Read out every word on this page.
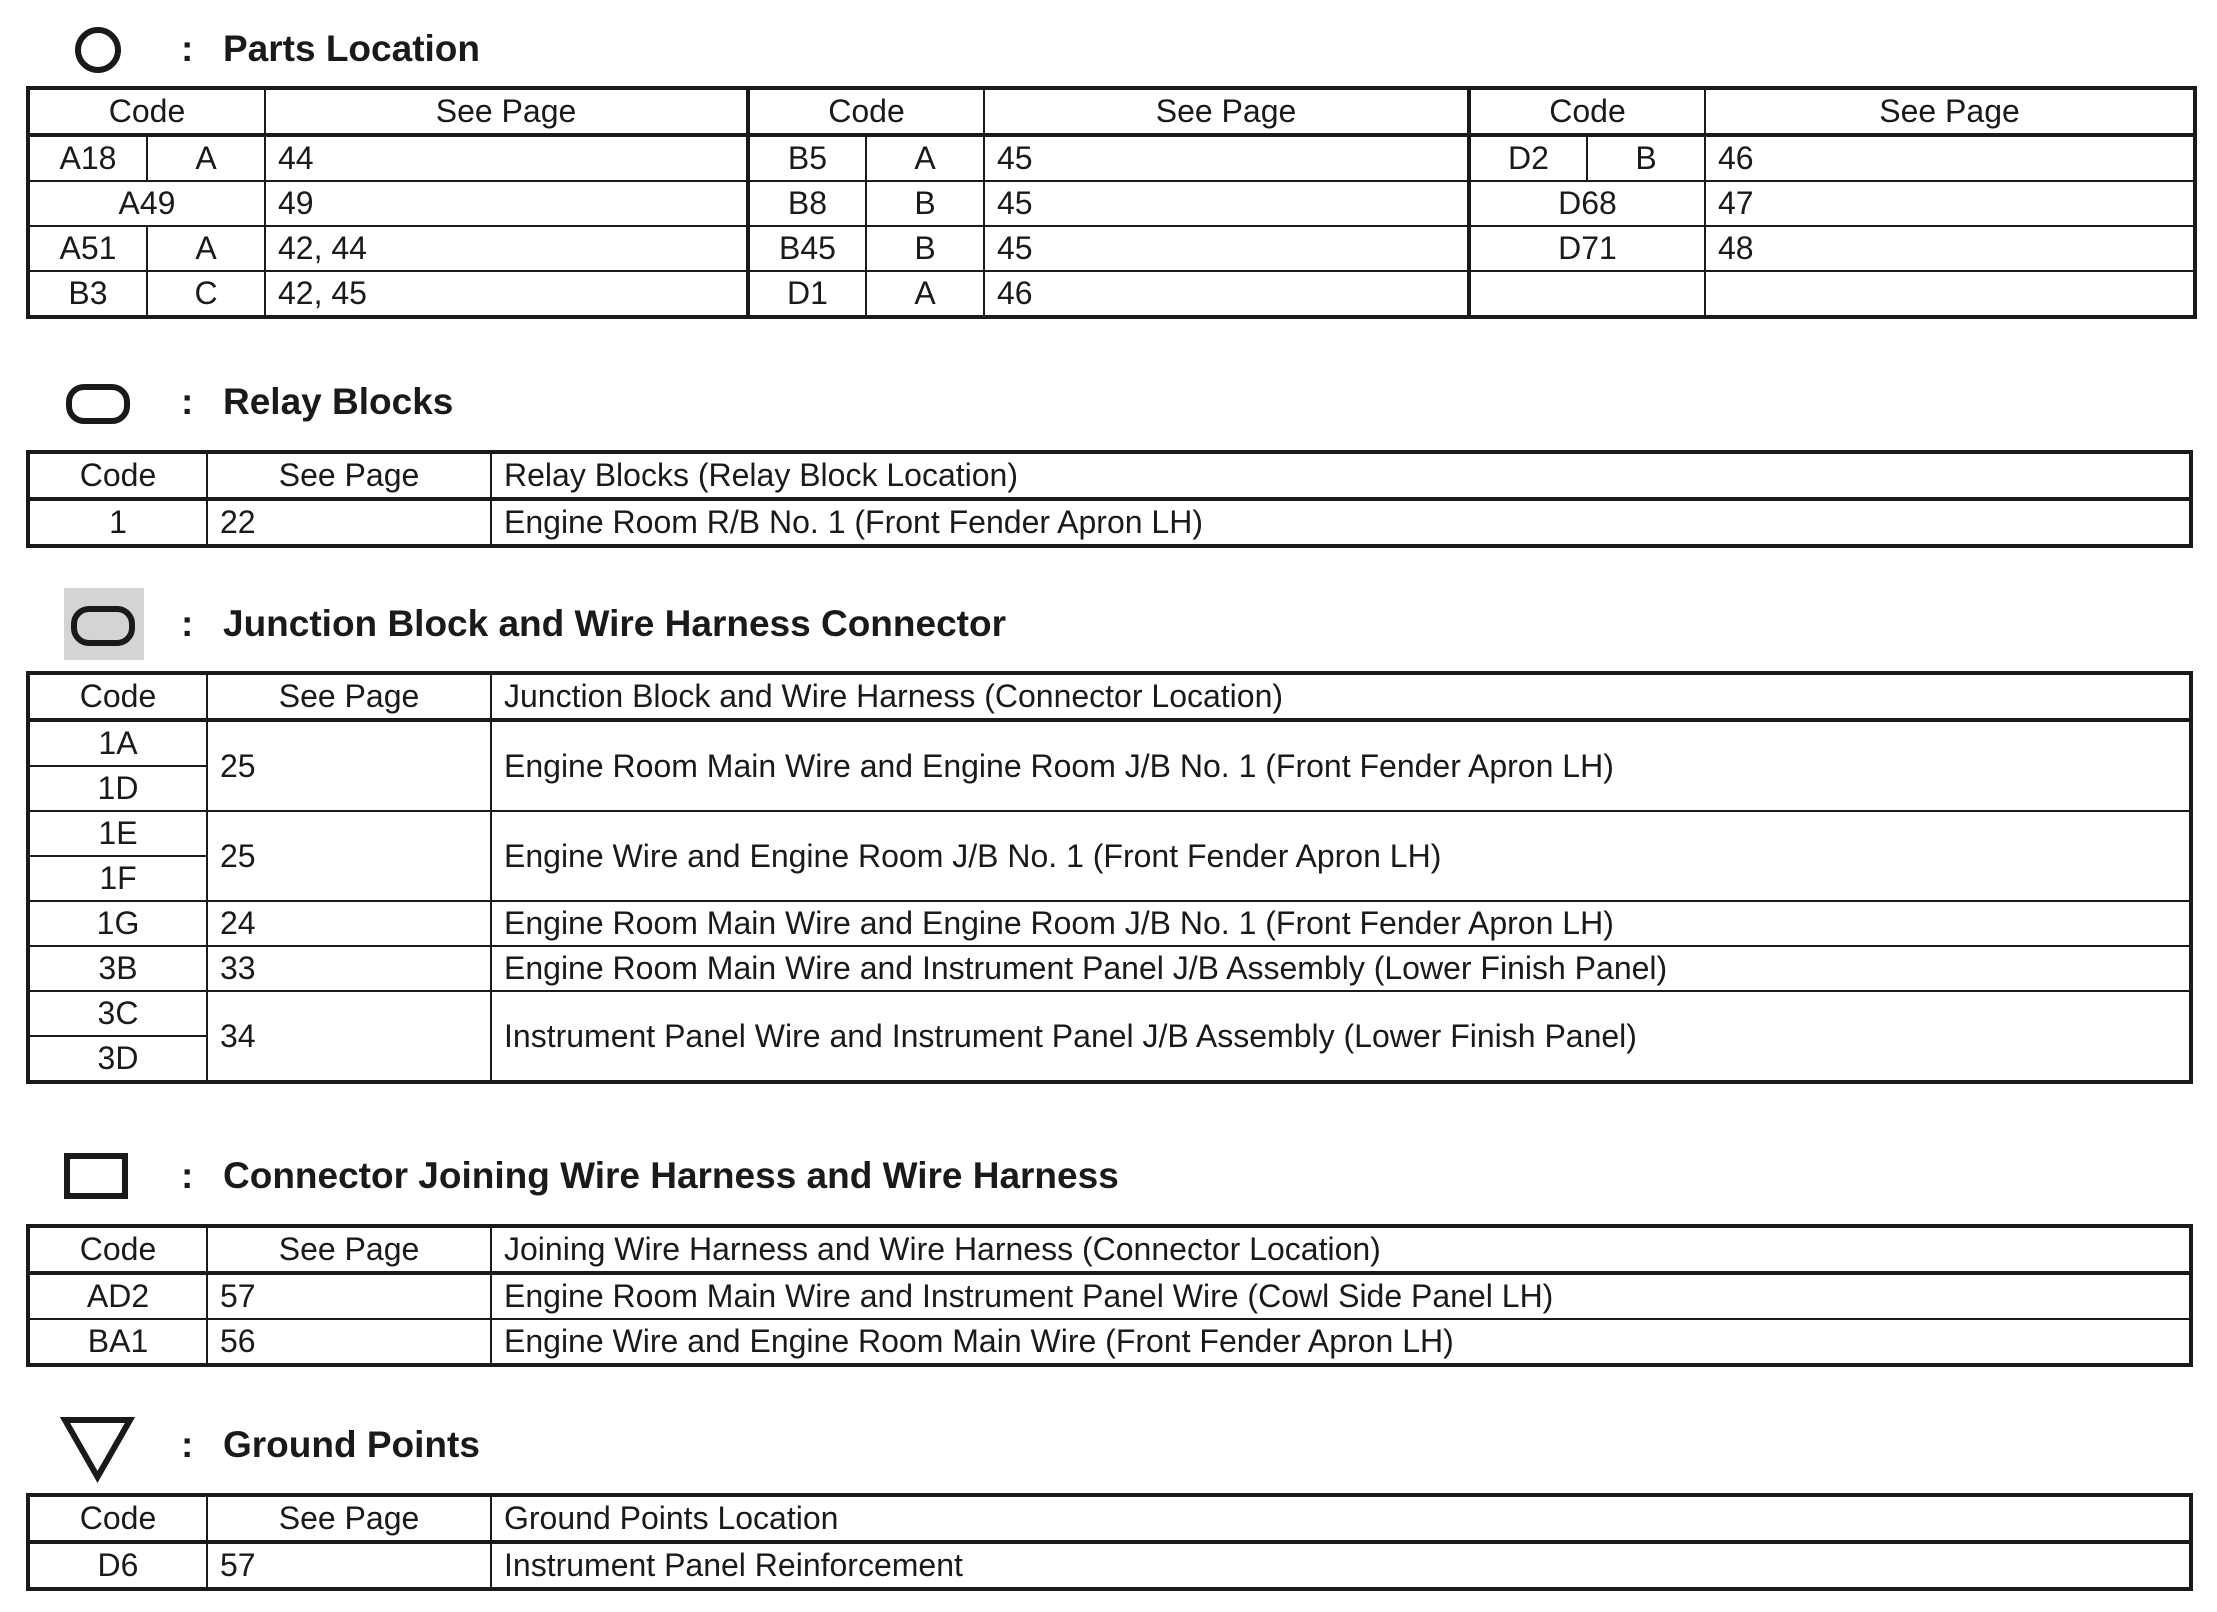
: Parts Location
Code		See Page	Code		See Page	Code		See Page
A18	A	44	B5	A	45	D2	B	46
A49		49	B8	B	45	D68		47
A51	A	42, 44	B45	B	45	D71		48
B3	C	42, 45	D1	A	46			
: Relay Blocks
Code	See Page	Relay Blocks (Relay Block Location)
1	22	Engine Room R/B No. 1 (Front Fender Apron LH)
: Junction Block and Wire Harness Connector
Code	See Page	Junction Block and Wire Harness (Connector Location)
1A	25	Engine Room Main Wire and Engine Room J/B No. 1 (Front Fender Apron LH)
1D		
1E	25	Engine Wire and Engine Room J/B No. 1 (Front Fender Apron LH)
1F		
1G	24	Engine Room Main Wire and Engine Room J/B No. 1 (Front Fender Apron LH)
3B	33	Engine Room Main Wire and Instrument Panel J/B Assembly (Lower Finish Panel)
3C	34	Instrument Panel Wire and Instrument Panel J/B Assembly (Lower Finish Panel)
3D		
: Connector Joining Wire Harness and Wire Harness
Code	See Page	Joining Wire Harness and Wire Harness (Connector Location)
AD2	57	Engine Room Main Wire and Instrument Panel Wire (Cowl Side Panel LH)
BA1	56	Engine Wire and Engine Room Main Wire (Front Fender Apron LH)
: Ground Points
Code	See Page	Ground Points Location
D6	57	Instrument Panel Reinforcement
